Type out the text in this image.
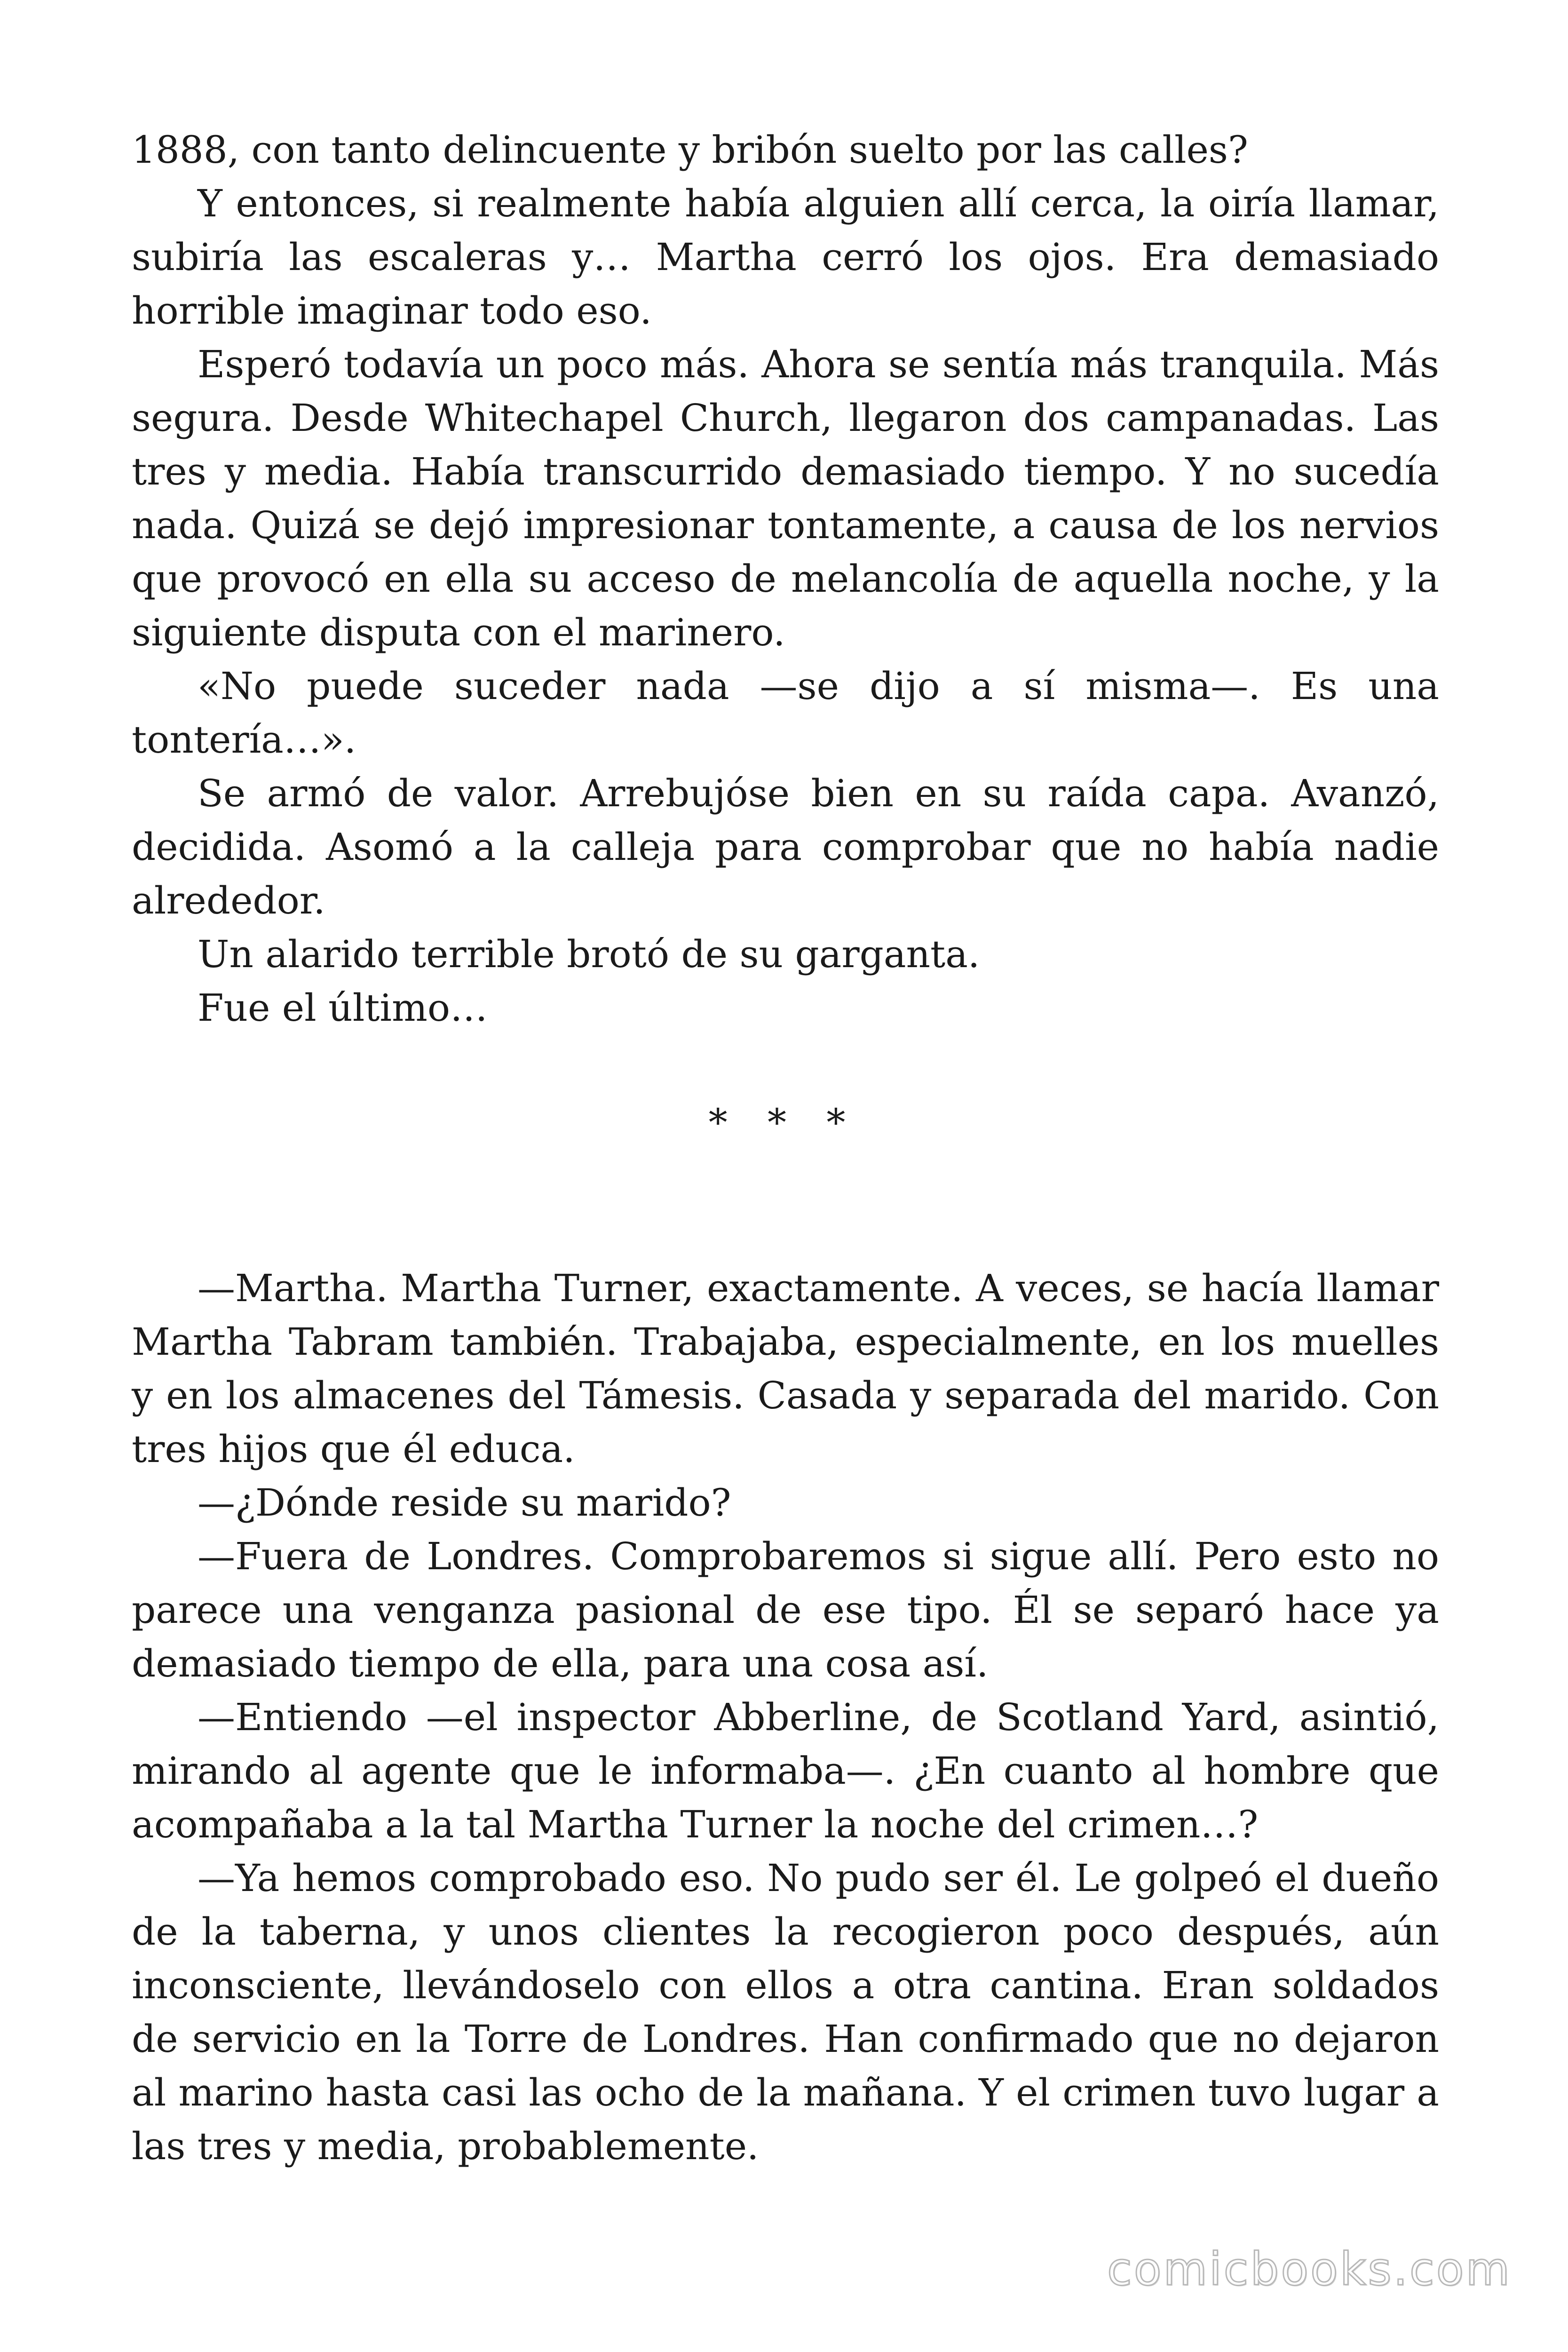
1888, con tanto delincuente y bribón suelto por las calles?

Y entonces, si realmente había alguien allí cerca, la oiría llamar, subiría las escaleras y… Martha cerró los ojos. Era demasiado horrible imaginar todo eso.

Esperó todavía un poco más. Ahora se sentía más tranquila. Más segura. Desde Whitechapel Church, llegaron dos campanadas. Las tres y media. Había transcurrido demasiado tiempo. Y no sucedía nada. Quizá se dejó impresionar tontamente, a causa de los nervios que provocó en ella su acceso de melancolía de aquella noche, y la siguiente disputa con el marinero.

«No puede suceder nada —se dijo a sí misma—. Es una tontería…».

Se armó de valor. Arrebujóse bien en su raída capa. Avanzó, decidida. Asomó a la calleja para comprobar que no había nadie alrededor.

Un alarido terrible brotó de su garganta.

Fue el último…

* * *

—Martha. Martha Turner, exactamente. A veces, se hacía llamar Martha Tabram también. Trabajaba, especialmente, en los muelles y en los almacenes del Támesis. Casada y separada del marido. Con tres hijos que él educa.

—¿Dónde reside su marido?

—Fuera de Londres. Comprobaremos si sigue allí. Pero esto no parece una venganza pasional de ese tipo. Él se separó hace ya demasiado tiempo de ella, para una cosa así.

—Entiendo —el inspector Abberline, de Scotland Yard, asintió, mirando al agente que le informaba—. ¿En cuanto al hombre que acompañaba a la tal Martha Turner la noche del crimen…?

—Ya hemos comprobado eso. No pudo ser él. Le golpeó el dueño de la taberna, y unos clientes la recogieron poco después, aún inconsciente, llevándoselo con ellos a otra cantina. Eran soldados de servicio en la Torre de Londres. Han confirmado que no dejaron al marino hasta casi las ocho de la mañana. Y el crimen tuvo lugar a las tres y media, probablemente.

comicbooks.com
